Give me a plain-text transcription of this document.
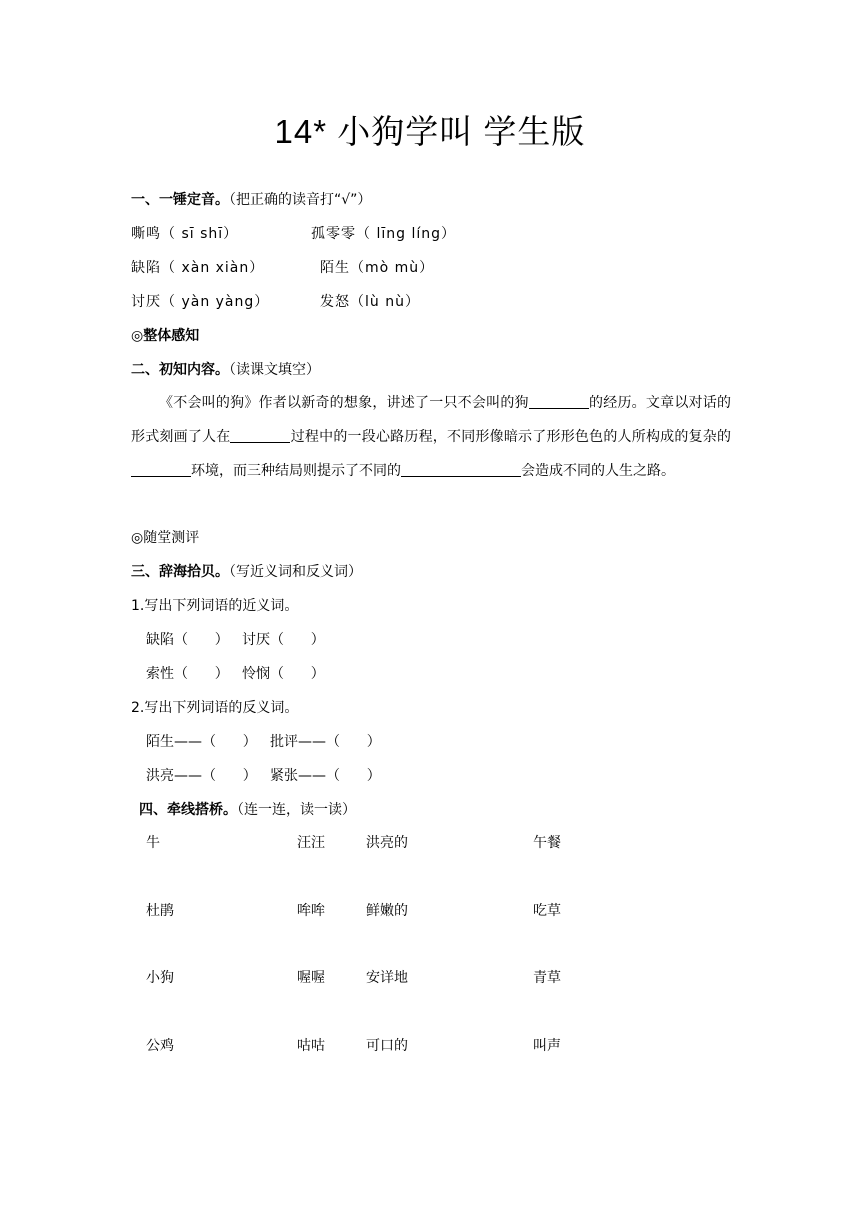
14* 小狗学叫 学生版
一、一锤定音。（把正确的读音打“√”）
嘶鸣（ sī shī）	孤零零（ līng líng）
缺陷（ xàn xiàn）	陌生（mò mù）
讨厌（ yàn yàng）	发怒（lù nù）
◎整体感知
二、初知内容。（读课文填空）
《不会叫的狗》作者以新奇的想象，讲述了一只不会叫的狗	的经历。文章以对话的形式刻画了人在	过程中的一段心路历程，不同形像暗示了形形色色的人所构成的复杂的环境，而三种结局则提示了不同的	会造成不同的人生之路。
◎随堂测评
三、辞海拾贝。（写近义词和反义词）
1.写出下列词语的近义词。
缺陷（      ）   讨厌（      ）
索性（      ）   怜悯（      ）
2.写出下列词语的反义词。
陌生——（      ）   批评——（      ）
洪亮——（      ）   紧张——（      ）
四、牵线搭桥。（连一连，读一读）
牛	汪汪	洪亮的	午餐
杜鹃	哞哞	鲜嫩的	吃草
小狗	喔喔	安详地	青草
公鸡	咕咕	可口的	叫声
